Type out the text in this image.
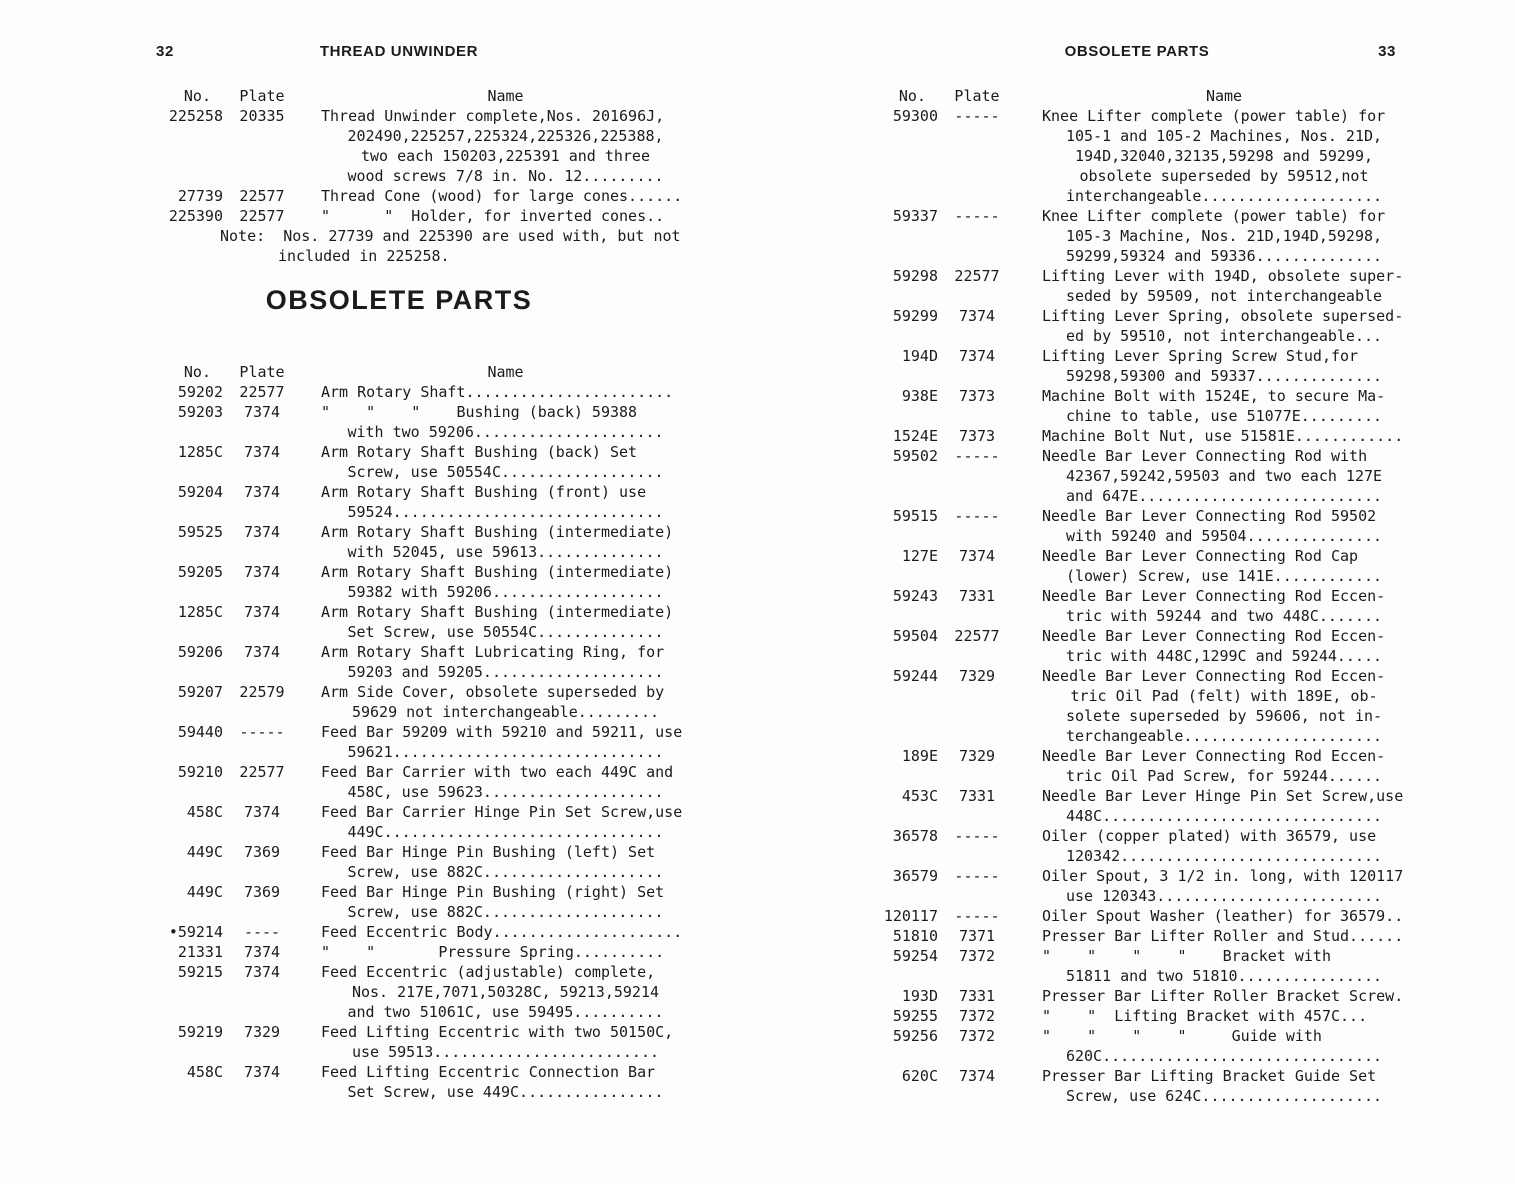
32	THREAD UNWINDER
No.	Plate	Name
225258	20335	Thread Unwinder complete,Nos. 201696J,
202490,225257,225324,225326,225388,
two each 150203,225391 and three
wood screws 7/8 in. No. 12.........
27739	22577	Thread Cone (wood) for large cones......
225390	22577	"      "  Holder, for inverted cones..
Note:  Nos. 27739 and 225390 are used with, but not
included in 225258.
OBSOLETE PARTS
No.	Plate	Name
59202	22577	Arm Rotary Shaft.......................
59203	7374	"    "    "    Bushing (back) 59388
with two 59206.....................
1285C	7374	Arm Rotary Shaft Bushing (back) Set
Screw, use 50554C..................
59204	7374	Arm Rotary Shaft Bushing (front) use
59524..............................
59525	7374	Arm Rotary Shaft Bushing (intermediate)
with 52045, use 59613..............
59205	7374	Arm Rotary Shaft Bushing (intermediate)
59382 with 59206...................
1285C	7374	Arm Rotary Shaft Bushing (intermediate)
Set Screw, use 50554C..............
59206	7374	Arm Rotary Shaft Lubricating Ring, for
59203 and 59205....................
59207	22579	Arm Side Cover, obsolete superseded by
59629 not interchangeable.........
59440	-----	Feed Bar 59209 with 59210 and 59211, use
59621..............................
59210	22577	Feed Bar Carrier with two each 449C and
458C, use 59623....................
458C	7374	Feed Bar Carrier Hinge Pin Set Screw,use
449C...............................
449C	7369	Feed Bar Hinge Pin Bushing (left) Set
Screw, use 882C....................
449C	7369	Feed Bar Hinge Pin Bushing (right) Set
Screw, use 882C....................
•59214	----	Feed Eccentric Body.....................
21331	7374	"    "       Pressure Spring..........
59215	7374	Feed Eccentric (adjustable) complete,
Nos. 217E,7071,50328C, 59213,59214
and two 51061C, use 59495..........
59219	7329	Feed Lifting Eccentric with two 50150C,
use 59513.........................
458C	7374	Feed Lifting Eccentric Connection Bar
Set Screw, use 449C................
OBSOLETE PARTS	33
No.	Plate	Name
59300	-----	Knee Lifter complete (power table) for
105-1 and 105-2 Machines, Nos. 21D,
194D,32040,32135,59298 and 59299,
obsolete superseded by 59512,not
interchangeable....................
59337	-----	Knee Lifter complete (power table) for
105-3 Machine, Nos. 21D,194D,59298,
59299,59324 and 59336..............
59298	22577	Lifting Lever with 194D, obsolete super-
seded by 59509, not interchangeable
59299	7374	Lifting Lever Spring, obsolete supersed-
ed by 59510, not interchangeable...
194D	7374	Lifting Lever Spring Screw Stud,for
59298,59300 and 59337..............
938E	7373	Machine Bolt with 1524E, to secure Ma-
chine to table, use 51077E.........
1524E	7373	Machine Bolt Nut, use 51581E............
59502	-----	Needle Bar Lever Connecting Rod with
42367,59242,59503 and two each 127E
and 647E...........................
59515	-----	Needle Bar Lever Connecting Rod 59502
with 59240 and 59504...............
127E	7374	Needle Bar Lever Connecting Rod Cap
(lower) Screw, use 141E............
59243	7331	Needle Bar Lever Connecting Rod Eccen-
tric with 59244 and two 448C.......
59504	22577	Needle Bar Lever Connecting Rod Eccen-
tric with 448C,1299C and 59244.....
59244	7329	Needle Bar Lever Connecting Rod Eccen-
tric Oil Pad (felt) with 189E, ob-
solete superseded by 59606, not in-
terchangeable......................
189E	7329	Needle Bar Lever Connecting Rod Eccen-
tric Oil Pad Screw, for 59244......
453C	7331	Needle Bar Lever Hinge Pin Set Screw,use
448C...............................
36578	-----	Oiler (copper plated) with 36579, use
120342.............................
36579	-----	Oiler Spout, 3 1/2 in. long, with 120117
use 120343.........................
120117	-----	Oiler Spout Washer (leather) for 36579..
51810	7371	Presser Bar Lifter Roller and Stud......
59254	7372	"    "    "    "    Bracket with
51811 and two 51810................
193D	7331	Presser Bar Lifter Roller Bracket Screw.
59255	7372	"    "  Lifting Bracket with 457C...
59256	7372	"    "    "    "     Guide with
620C...............................
620C	7374	Presser Bar Lifting Bracket Guide Set
Screw, use 624C....................
